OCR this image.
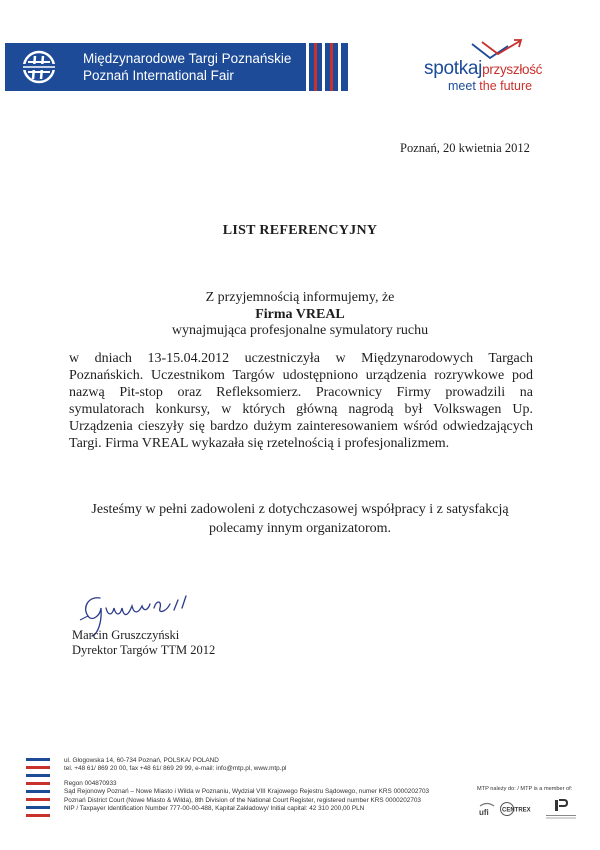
Międzynarodowe Targi Poznańskie
Poznań International Fair	spotkajprzyszłość
meet the future
Poznań, 20 kwietnia 2012
LIST REFERENCYJNY
Z przyjemnością informujemy, że
Firma VREAL
wynajmująca profesjonalne symulatory ruchu
w dniach 13-15.04.2012 uczestniczyła w Międzynarodowych Targach Poznańskich. Uczestnikom Targów udostępniono urządzenia rozrywkowe pod nazwą Pit-stop oraz Refleksomierz. Pracownicy Firmy prowadzili na symulatorach konkursy, w których główną nagrodą był Volkswagen Up. Urządzenia cieszyły się bardzo dużym zainteresowaniem wśród odwiedzających Targi. Firma VREAL wykazała się rzetelnością i profesjonalizmem.
Jesteśmy w pełni zadowoleni z dotychczasowej współpracy i z satysfakcją
polecamy innym organizatorom.
Marcin Gruszczyński
Dyrektor Targów TTM 2012
ul. Głogowska 14, 60-734 Poznań, POLSKA/ POLAND
tel. +48 61/ 869 20 00, fax +48 61/ 869 29 99, e-mail: info@mtp.pl, www.mtp.pl
Regon 004870933
Sąd Rejonowy Poznań – Nowe Miasto i Wilda w Poznaniu, Wydział VIII Krajowego Rejestru Sądowego, numer KRS 0000202703
Poznań District Court (Nowe Miasto & Wilda), 8th Division of the National Court Register, registered number KRS 0000202703
NIP / Taxpayer Identification Number 777-00-00-488, Kapitał Zakładowy/ Initial capital: 42 310 200,00 PLN
MTP należy do: / MTP is a member of:
ufi CENTREX
